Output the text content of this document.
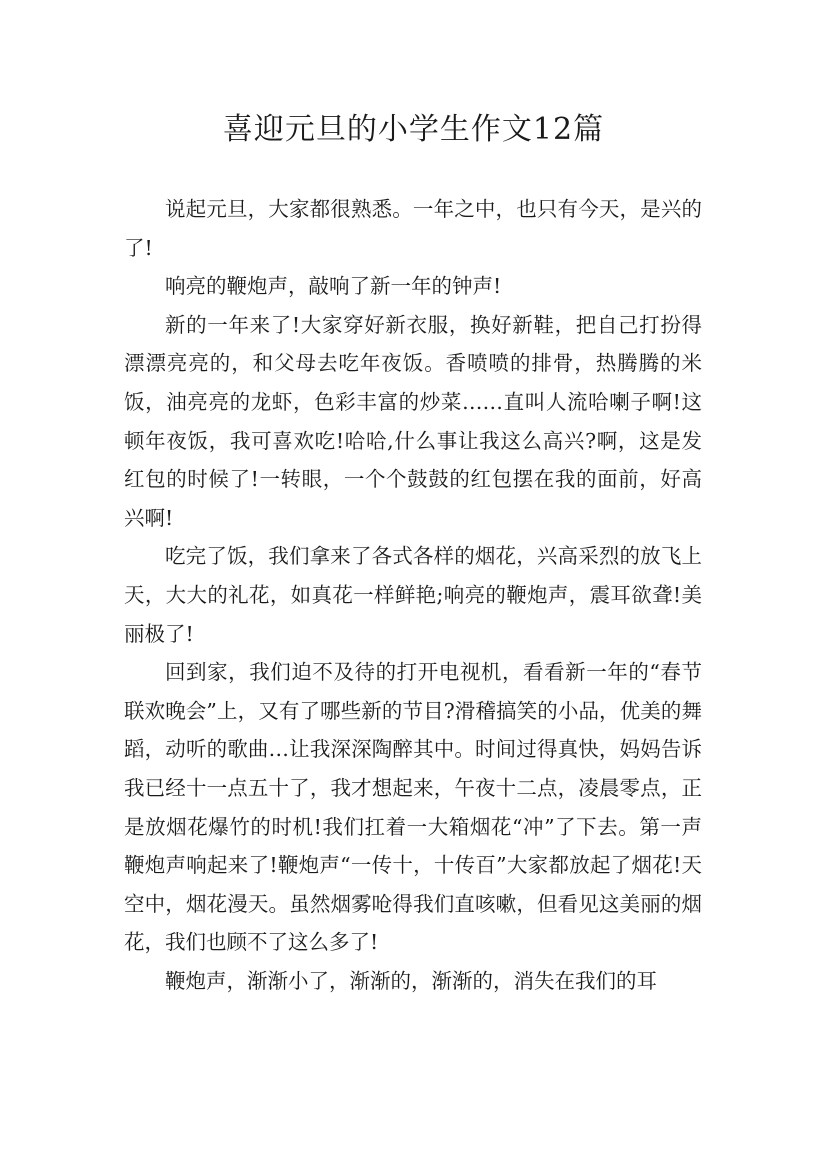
喜迎元旦的小学生作文12篇

说起元旦，大家都很熟悉。一年之中，也只有今天，是兴的了!

响亮的鞭炮声，敲响了新一年的钟声!

新的一年来了!大家穿好新衣服，换好新鞋，把自己打扮得漂漂亮亮的，和父母去吃年夜饭。香喷喷的排骨，热腾腾的米饭，油亮亮的龙虾，色彩丰富的炒菜……直叫人流哈喇子啊!这顿年夜饭，我可喜欢吃!哈哈,什么事让我这么高兴?啊，这是发红包的时候了!一转眼，一个个鼓鼓的红包摆在我的面前，好高兴啊!

吃完了饭，我们拿来了各式各样的烟花，兴高采烈的放飞上天，大大的礼花，如真花一样鲜艳;响亮的鞭炮声，震耳欲聋!美丽极了!

回到家，我们迫不及待的打开电视机，看看新一年的“春节联欢晚会”上，又有了哪些新的节目?滑稽搞笑的小品，优美的舞蹈，动听的歌曲…让我深深陶醉其中。时间过得真快，妈妈告诉我已经十一点五十了，我才想起来，午夜十二点，凌晨零点，正是放烟花爆竹的时机!我们扛着一大箱烟花“冲”了下去。第一声鞭炮声响起来了!鞭炮声“一传十，十传百”大家都放起了烟花!天空中，烟花漫天。虽然烟雾呛得我们直咳嗽，但看见这美丽的烟花，我们也顾不了这么多了!

鞭炮声，渐渐小了，渐渐的，渐渐的，消失在我们的耳
